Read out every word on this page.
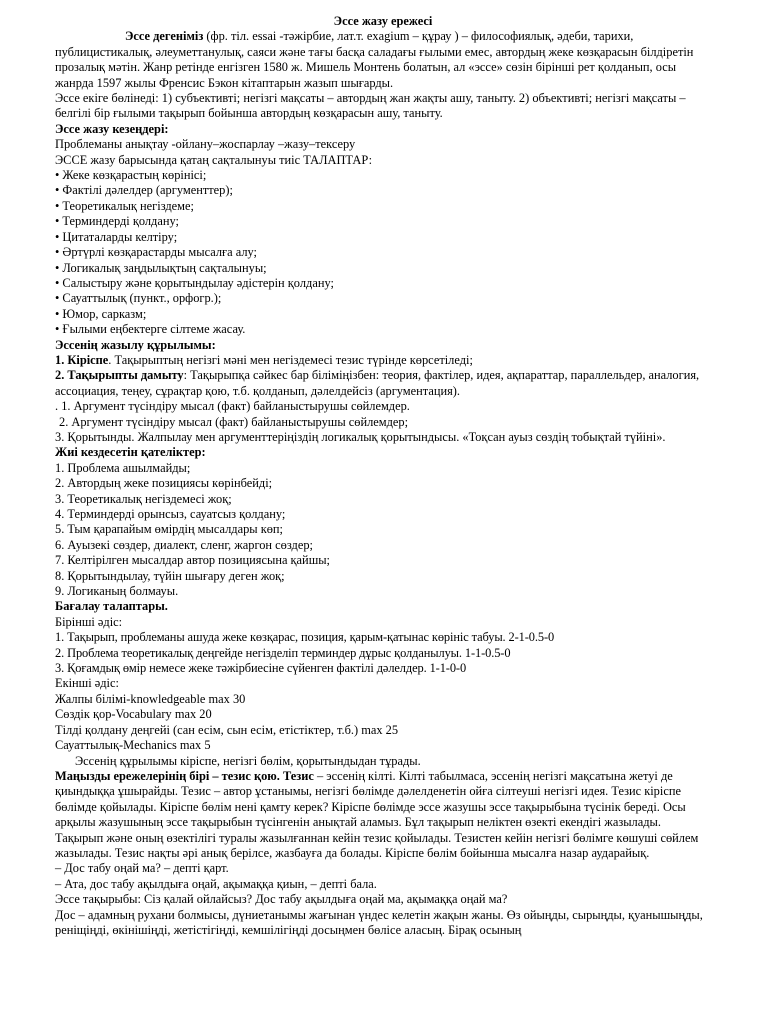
Эссе жазу ережесі

Эссе дегеніміз (фр. тіл. essai -тәжірбие, лат.т. exagium – құрау ) – философиялық, әдеби, тарихи, публицистикалық, әлеуметтанулық, саяси және тағы басқа саладағы ғылыми емес, автордың жеке көзқарасын білдіретін прозалық мәтін. Жанр ретінде енгізген 1580 ж. Мишель Монтень болатын, ал «эссе» сөзін бірінші рет қолданып, осы жанрда 1597 жылы Френсис Бэкон кітаптарын жазып шығарды.

Эссе екіге бөлінеді: 1) субъективті; негізгі мақсаты – автордың жан жақты ашу, таныту. 2) объективті; негізгі мақсаты – белгілі бір ғылыми тақырып бойынша автордың көзқарасын ашу, таныту.

Эссе жазу кезеңдері:

Проблеманы анықтау -ойлану–жоспарлау –жазу–тексеру

ЭССЕ жазу барысында қатаң сақталынуы тиіс ТАЛАПТАР:

• Жеке көзқарастың көрінісі;

• Фактілі дәлелдер (аргументтер);

• Теоретикалық негіздеме;

• Терминдерді қолдану;

• Цитаталарды келтіру;

• Әртүрлі көзқарастарды мысалға алу;

• Логикалық заңдылықтың сақталынуы;

• Салыстыру және қорытындылау әдістерін қолдану;

• Сауаттылық (пункт., орфогр.);

• Юмор, сарказм;

• Ғылыми еңбектерге сілтеме жасау.

Эссенің жазылу құрылымы:

1. Кіріспе. Тақырыптың негізгі мәні мен негіздемесі тезис түрінде көрсетіледі;

2. Тақырыпты дамыту: Тақырыпқа сәйкес бар біліміңізбен: теория, фактілер, идея, ақпараттар, параллельдер, аналогия, ассоциация, теңеу, сұрақтар қою, т.б. қолданып, дәлелдейсіз (аргументация).

. 1. Аргумент түсіндіру мысал (факт) байланыстырушы сөйлемдер.

2. Аргумент түсіндіру мысал (факт) байланыстырушы сөйлемдер;

3. Қорытынды. Жалпылау мен аргументтеріңіздің логикалық қорытындысы. «Тоқсан ауыз сөздің тобықтай түйіні».

Жиі кездесетін қателіктер:

1. Проблема ашылмайды;

2. Автордың жеке позициясы көрінбейді;

3. Теоретикалық негіздемесі жоқ;

4. Терминдерді орынсыз, сауатсыз қолдану;

5. Тым қарапайым өмірдің мысалдары көп;

6. Ауызекі сөздер, диалект, сленг, жаргон сөздер;

7. Келтірілген мысалдар автор позициясына қайшы;

8. Қорытындылау, түйін шығару деген жоқ;

9. Логиканың болмауы.

Бағалау талаптары.

Бірінші әдіс:

1. Тақырып, проблеманы ашуда жеке көзқарас, позиция, қарым-қатынас көрініс табуы. 2-1-0.5-0

2. Проблема теоретикалық деңгейде негізделіп терминдер дұрыс қолданылуы. 1-1-0.5-0

3. Қоғамдық өмір немесе жеке тәжірбиесіне сүйенген фактілі дәлелдер. 1-1-0-0

Екінші әдіс:

Жалпы білімі-knowledgeable max 30

Сөздік қор-Vocabulary max 20

Тілді қолдану деңгейі (сан есім, сын есім, етістіктер, т.б.) max 25

Сауаттылық-Mechanics max 5

Эссенің құрылымы кіріспе, негізгі бөлім, қорытындыдан тұрады.

Маңызды ережелерінің бірі – тезис қою. Тезис – эссенің кілті. Кілті табылмаса, эссенің негізгі мақсатына жетуі де қиындыққа ұшырайды. Тезис – автор ұстанымы, негізгі бөлімде дәлелденетін ойға сілтеуші негізгі идея. Тезис кіріспе бөлімде қойылады. Кіріспе бөлім нені қамту керек? Кіріспе бөлімде эссе жазушы эссе тақырыбына түсінік береді. Осы арқылы жазушының эссе тақырыбын түсінгенін анықтай аламыз. Бұл тақырып неліктен өзекті екендігі жазылады. Тақырып және оның өзектілігі туралы жазылғаннан кейін тезис қойылады. Тезистен кейін негізгі бөлімге көшуші сөйлем жазылады. Тезис нақты әрі анық берілсе, жазбауға да болады. Кіріспе бөлім бойынша мысалға назар аударайық.

– Дос табу оңай ма? – депті қарт.

– Ата, дос табу ақылдыға оңай, ақымаққа қиын, – депті бала.

Эссе тақырыбы: Сіз қалай ойлайсыз? Дос табу ақылдыға оңай ма, ақымаққа оңай ма?

Дос – адамның рухани болмысы, дүниетанымы жағынан үндес келетін жақын жаны. Өз ойыңды, сырыңды, қуанышыңды, реніщіңді, өкінішіңді, жетістігіңді, кемшілігіңді досыңмен бөлісе аласың. Бірақ осының
